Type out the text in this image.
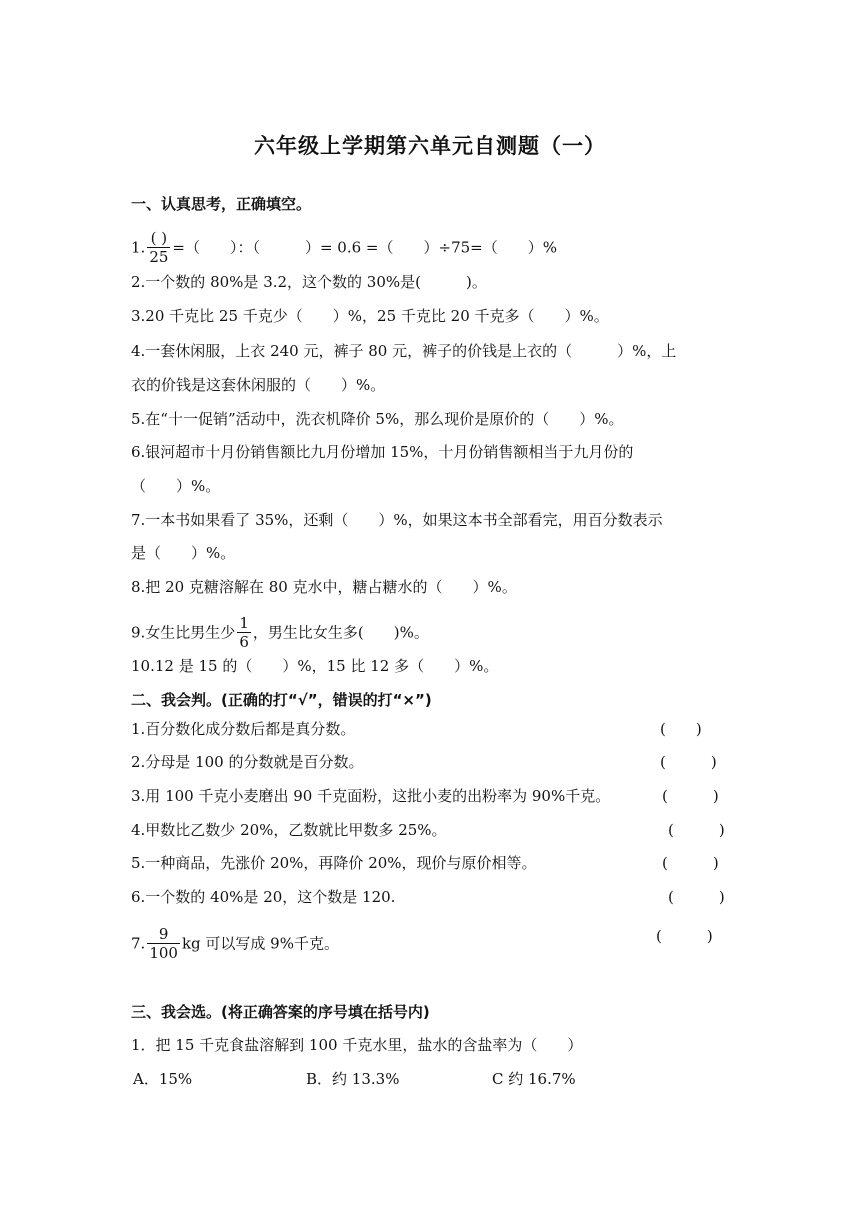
六年级上学期第六单元自测题（一）
一、认真思考，正确填空。
1. $\frac{( )}{25}$ =（　　）：（　　　）= 0.6 =（　　）÷75=（　　）%
2.一个数的 80%是 3.2，这个数的 30%是(　　　)。
3.20 千克比 25 千克少（　　）%，25 千克比 20 千克多（　　）%。
4.一套休闲服，上衣 240 元，裤子 80 元，裤子的价钱是上衣的（　　　）%，上
衣的价钱是这套休闲服的（　　）%。
5.在“十一促销”活动中，洗衣机降价 5%，那么现价是原价的（　　）%。
6.银河超市十月份销售额比九月份增加 15%，十月份销售额相当于九月份的
（　　）%。
7.一本书如果看了 35%，还剩（　　）%，如果这本书全部看完，用百分数表示
是（　　）%。
8.把 20 克糖溶解在 80 克水中，糖占糖水的（　　）%。
9.女生比男生少 $\frac{1}{6}$ ，男生比女生多(　　)%。
10.12 是 15 的（　　）%，15 比 12 多（　　）%。
二、我会判。(正确的打“√”，错误的打“×”)
1.百分数化成分数后都是真分数。	(　　)
2.分母是 100 的分数就是百分数。	(　　　)
3.用 100 千克小麦磨出 90 千克面粉，这批小麦的出粉率为 90%千克。	(　　　)
4.甲数比乙数少 20%，乙数就比甲数多 25%。	(　　　)
5.一种商品，先涨价 20%，再降价 20%，现价与原价相等。	(　　　)
6.一个数的 40%是 20，这个数是 120.	(　　　)
7. $\frac{9}{100}$ kg 可以写成 9%千克。	(　　　)
三、我会选。(将正确答案的序号填在括号内)
1．把 15 千克食盐溶解到 100 千克水里，盐水的含盐率为（　　）
A．15%	B．约 13.3%	C 约 16.7%
